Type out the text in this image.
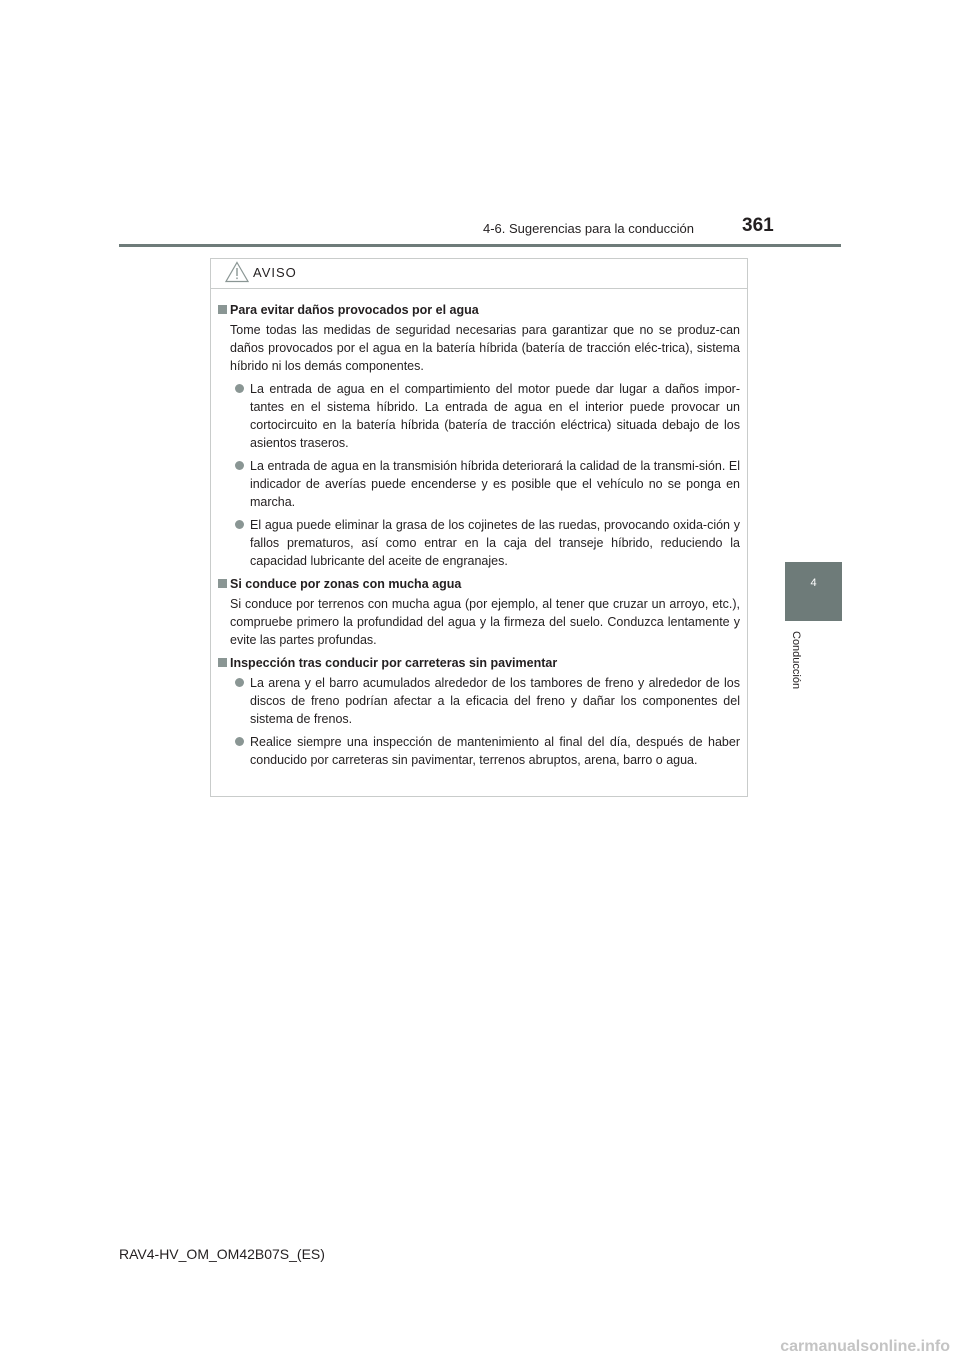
4-6. Sugerencias para la conducción	361
4
Conducción
AVISO
Para evitar daños provocados por el agua
Tome todas las medidas de seguridad necesarias para garantizar que no se produz-can daños provocados por el agua en la batería híbrida (batería de tracción eléc-trica), sistema híbrido ni los demás componentes.
La entrada de agua en el compartimiento del motor puede dar lugar a daños impor-tantes en el sistema híbrido. La entrada de agua en el interior puede provocar un cortocircuito en la batería híbrida (batería de tracción eléctrica) situada debajo de los asientos traseros.
La entrada de agua en la transmisión híbrida deteriorará la calidad de la transmi-sión. El indicador de averías puede encenderse y es posible que el vehículo no se ponga en marcha.
El agua puede eliminar la grasa de los cojinetes de las ruedas, provocando oxida-ción y fallos prematuros, así como entrar en la caja del transeje híbrido, reduciendo la capacidad lubricante del aceite de engranajes.
Si conduce por zonas con mucha agua
Si conduce por terrenos con mucha agua (por ejemplo, al tener que cruzar un arroyo, etc.), compruebe primero la profundidad del agua y la firmeza del suelo. Conduzca lentamente y evite las partes profundas.
Inspección tras conducir por carreteras sin pavimentar
La arena y el barro acumulados alrededor de los tambores de freno y alrededor de los discos de freno podrían afectar a la eficacia del freno y dañar los componentes del sistema de frenos.
Realice siempre una inspección de mantenimiento al final del día, después de haber conducido por carreteras sin pavimentar, terrenos abruptos, arena, barro o agua.
RAV4-HV_OM_OM42B07S_(ES)
carmanualsonline.info
